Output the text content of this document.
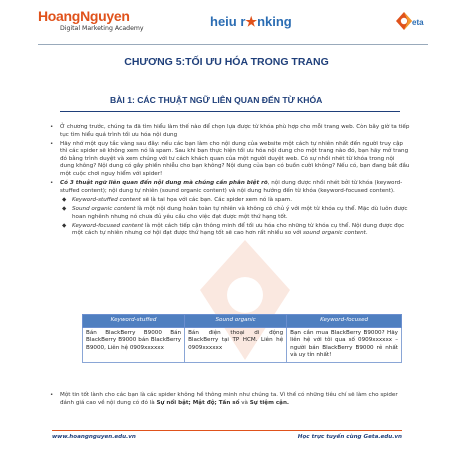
HoangNguyen
Digital Marketing Academy	heiu r★nking	eta
CHƯƠNG 5:TỐI ƯU HÓA TRONG TRANG
BÀI 1: CÁC THUẬT NGỮ LIÊN QUAN ĐẾN TỪ KHÓA
• Ở chương trước, chúng ta đã tìm hiểu làm thế nào để chọn lựa được từ khóa phù hợp cho mỗi trang web. Còn bây giờ ta tiếp tục tìm hiểu quá trình tối ưu hóa nội dung
• Hãy nhớ một quy tắc vàng sau đây: nếu các bạn làm cho nội dung của website một cách tự nhiên nhất đến người truy cập thì các spider sẽ không xem nó là spam. Sau khi bạn thực hiện tối ưu hóa nội dung cho một trang nào đó, bạn hãy mở trang đó bằng trình duyệt và xem chúng với tư cách khách quan của một người duyệt web. Có sự nhồi nhét từ khóa trong nội dung không? Nội dung có gây phiền nhiễu cho bạn không? Nội dung của bạn có buồn cười không? Nếu có, bạn đang bắt đầu một cuộc chơi nguy hiểm với spider!
• Có 3 thuật ngữ liên quan đến nội dung mà chúng cần phân biệt rõ, nội dung được nhồi nhét bởi từ khóa (keyword-stuffed content); nội dung tự nhiên (sound organic content) và nội dung hướng đến từ khóa (keyword-focused content).
◆ Keyword-stuffed content sẽ là tai họa với các bạn. Các spider xem nó là spam.
◆ Sound organic content là một nội dung hoàn toàn tự nhiên và không có chủ ý với một từ khóa cụ thể. Mặc dù luôn được hoan nghênh nhưng nó chưa đủ yêu cầu cho việc đạt được một thứ hạng tốt.
◆ Keyword-focused content là một cách tiếp cận thông minh để tối ưu hóa cho những từ khóa cụ thể. Nội dung được đọc một cách tự nhiên nhưng cơ hội đạt được thứ hạng tốt sẽ cao hơn rất nhiều so với sound organic content.
Keyword-stuffed	Sound organic	Keyword-focused
Bán BlackBerry B9000 Bán BlackBerry B9000 bán BlackBerry B9000, Liên hệ 0909xxxxxx	Bán điện thoại di động BlackBerry tại TP HCM. Liên hệ 0909xxxxxx	Bạn cần mua BlackBerry B9000? Hãy liên hệ với tôi qua số 0909xxxxxx – người bán BlackBerry B9000 rẻ nhất và uy tín nhất!
• Một tin tốt lành cho các bạn là các spider không hề thông minh như chúng ta. Vì thế có những tiêu chí sẽ làm cho spider đánh giá cao về nội dung có đó là Sự nổi bật; Mật độ; Tần số và Sự tiệm cận.
www.hoangnguyen.edu.vn	Học trực tuyến cùng Geta.edu.vn
